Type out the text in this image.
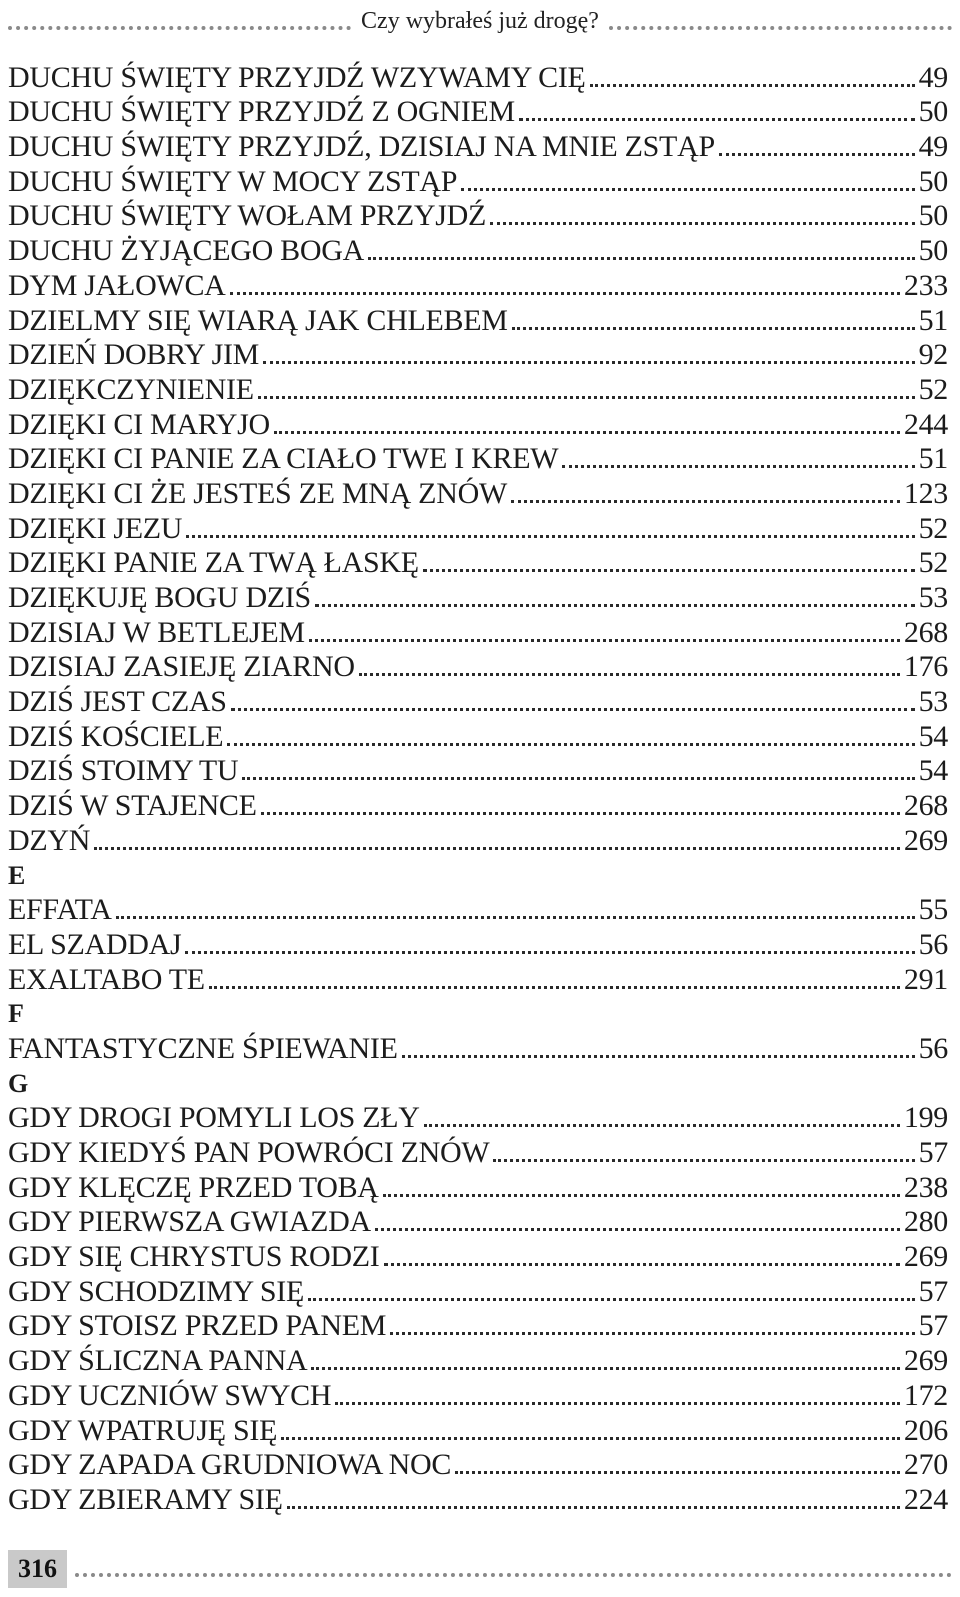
Czy wybrałeś już drogę?
DUCHU ŚWIĘTY PRZYJDŹ WZYWAMY CIĘ	49
DUCHU ŚWIĘTY PRZYJDŹ Z OGNIEM	50
DUCHU ŚWIĘTY PRZYJDŹ, DZISIAJ NA MNIE ZSTĄP	49
DUCHU ŚWIĘTY W MOCY ZSTĄP	50
DUCHU ŚWIĘTY WOŁAM PRZYJDŹ	50
DUCHU ŻYJĄCEGO BOGA	50
DYM JAŁOWCA	233
DZIELMY SIĘ WIARĄ JAK CHLEBEM	51
DZIEŃ DOBRY JIM	92
DZIĘKCZYNIENIE	52
DZIĘKI CI MARYJO	244
DZIĘKI CI PANIE ZA CIAŁO TWE I KREW	51
DZIĘKI CI ŻE JESTEŚ ZE MNĄ ZNÓW	123
DZIĘKI JEZU	52
DZIĘKI PANIE ZA TWĄ ŁASKĘ	52
DZIĘKUJĘ BOGU DZIŚ	53
DZISIAJ W BETLEJEM	268
DZISIAJ ZASIEJĘ ZIARNO	176
DZIŚ JEST CZAS	53
DZIŚ KOŚCIELE	54
DZIŚ STOIMY TU	54
DZIŚ W STAJENCE	268
DZYŃ	269
E
EFFATA	55
EL SZADDAJ	56
EXALTABO TE	291
F
FANTASTYCZNE ŚPIEWANIE	56
G
GDY DROGI POMYLI LOS ZŁY	199
GDY KIEDYŚ PAN POWRÓCI ZNÓW	57
GDY KLĘCZĘ PRZED TOBĄ	238
GDY PIERWSZA GWIAZDA	280
GDY SIĘ CHRYSTUS RODZI	269
GDY SCHODZIMY SIĘ	57
GDY STOISZ PRZED PANEM	57
GDY ŚLICZNA PANNA	269
GDY UCZNIÓW SWYCH	172
GDY WPATRUJĘ SIĘ	206
GDY ZAPADA GRUDNIOWA NOC	270
GDY ZBIERAMY SIĘ	224
316
